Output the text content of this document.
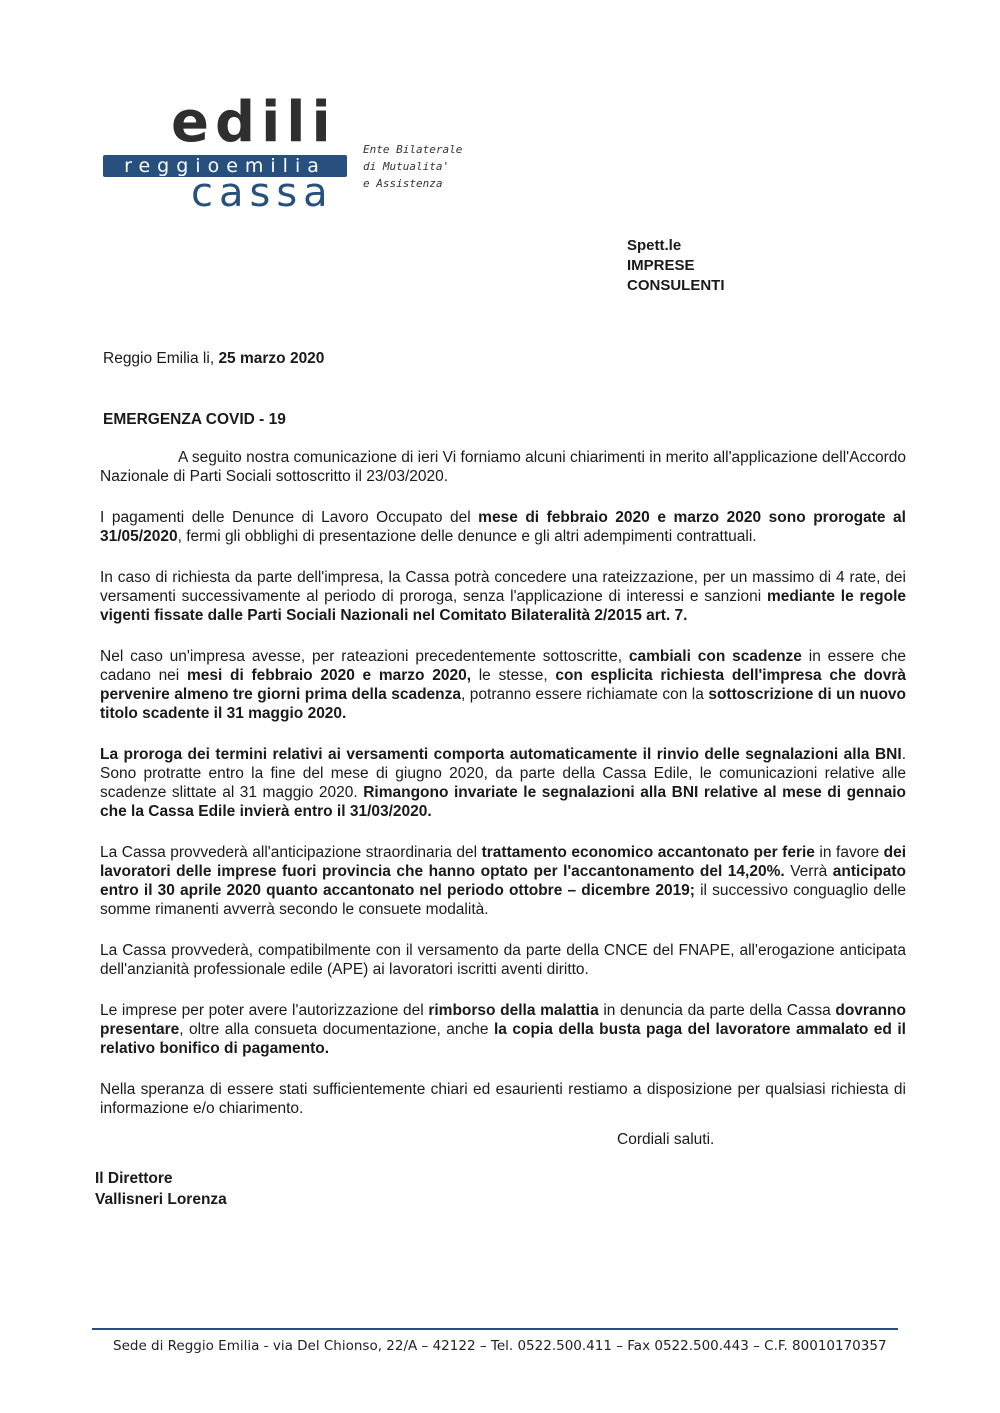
edili
reggioemilia
cassa
Ente Bilaterale
di Mutualita'
e Assistenza
Spett.le
IMPRESE
CONSULENTI
Reggio Emilia li, 25 marzo 2020
EMERGENZA COVID - 19

A seguito nostra comunicazione di ieri Vi forniamo alcuni chiarimenti in merito all'applicazione dell'Accordo Nazionale di Parti Sociali sottoscritto il 23/03/2020.

I pagamenti delle Denunce di Lavoro Occupato del mese di febbraio 2020 e marzo 2020 sono prorogate al 31/05/2020, fermi gli obblighi di presentazione delle denunce e gli altri adempimenti contrattuali.

In caso di richiesta da parte dell'impresa, la Cassa potrà concedere una rateizzazione, per un massimo di 4 rate, dei versamenti successivamente al periodo di proroga, senza l'applicazione di interessi e sanzioni mediante le regole vigenti fissate dalle Parti Sociali Nazionali nel Comitato Bilateralità 2/2015 art. 7.

Nel caso un'impresa avesse, per rateazioni precedentemente sottoscritte, cambiali con scadenze in essere che cadano nei mesi di febbraio 2020 e marzo 2020, le stesse, con esplicita richiesta dell'impresa che dovrà pervenire almeno tre giorni prima della scadenza, potranno essere richiamate con la sottoscrizione di un nuovo titolo scadente il 31 maggio 2020.

La proroga dei termini relativi ai versamenti comporta automaticamente il rinvio delle segnalazioni alla BNI. Sono protratte entro la fine del mese di giugno 2020, da parte della Cassa Edile, le comunicazioni relative alle scadenze slittate al 31 maggio 2020. Rimangono invariate le segnalazioni alla BNI relative al mese di gennaio che la Cassa Edile invierà entro il 31/03/2020.

La Cassa provvederà all'anticipazione straordinaria del trattamento economico accantonato per ferie in favore dei lavoratori delle imprese fuori provincia che hanno optato per l'accantonamento del 14,20%. Verrà anticipato entro il 30 aprile 2020 quanto accantonato nel periodo ottobre – dicembre 2019; il successivo conguaglio delle somme rimanenti avverrà secondo le consuete modalità.

La Cassa provvederà, compatibilmente con il versamento da parte della CNCE del FNAPE, all'erogazione anticipata dell'anzianità professionale edile (APE) ai lavoratori iscritti aventi diritto.

Le imprese per poter avere l'autorizzazione del rimborso della malattia in denuncia da parte della Cassa dovranno presentare, oltre alla consueta documentazione, anche la copia della busta paga del lavoratore ammalato ed il relativo bonifico di pagamento.

Nella speranza di essere stati sufficientemente chiari ed esaurienti restiamo a disposizione per qualsiasi richiesta di informazione e/o chiarimento.

Cordiali saluti.
Il Direttore
Vallisneri Lorenza
Sede di Reggio Emilia - via Del Chionso, 22/A – 42122 – Tel. 0522.500.411 – Fax 0522.500.443 – C.F. 80010170357
